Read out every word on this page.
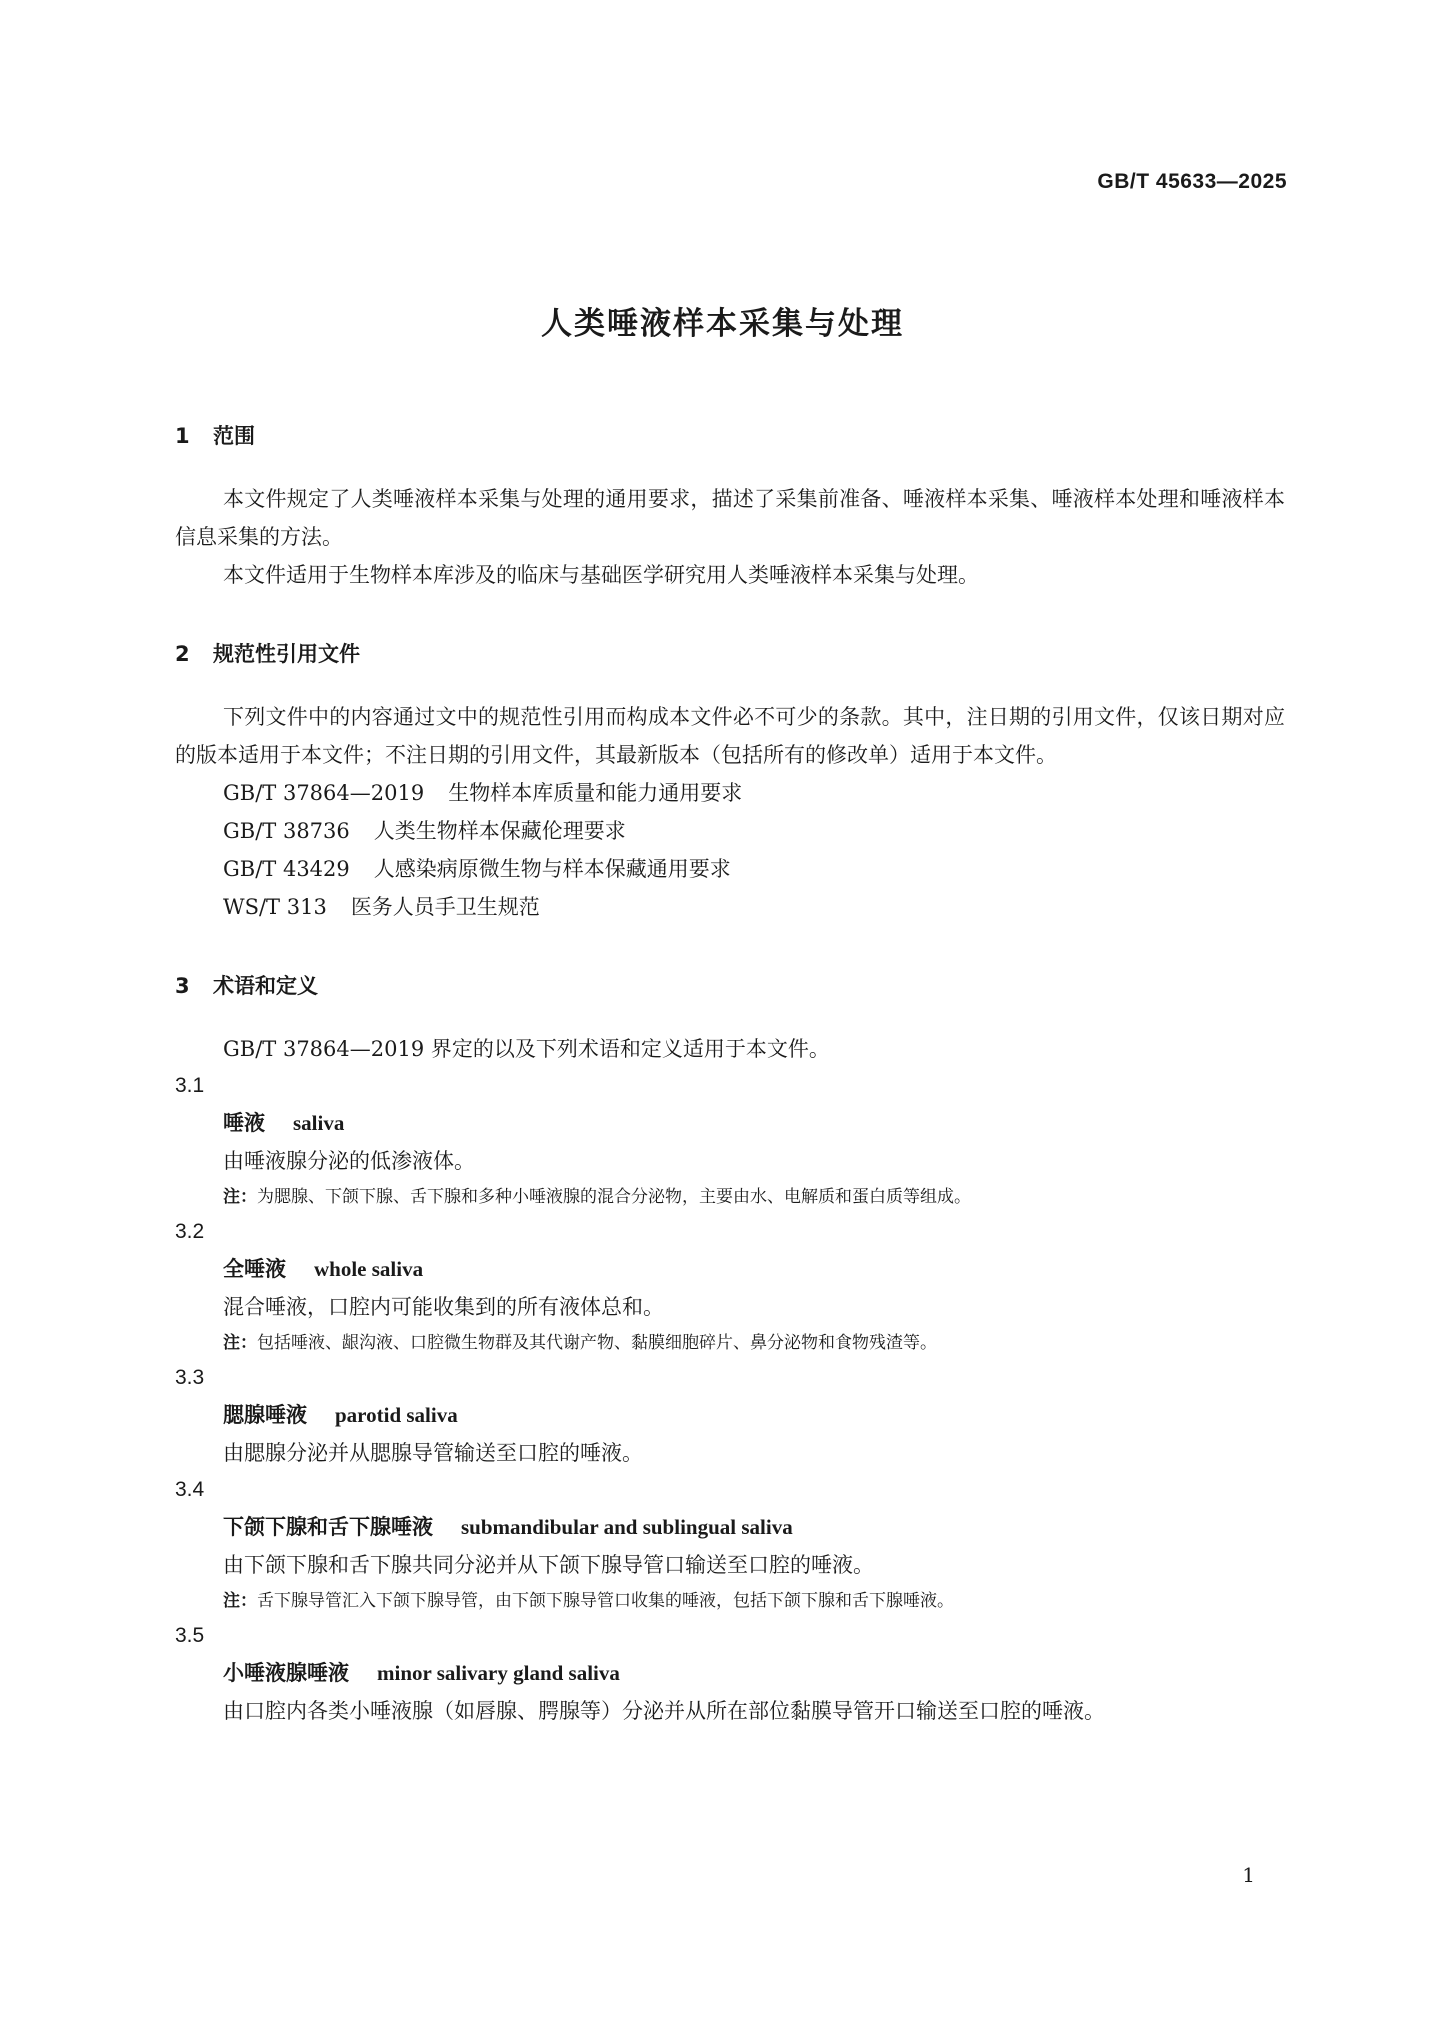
GB/T 45633—2025
人类唾液样本采集与处理
1 范围
本文件规定了人类唾液样本采集与处理的通用要求，描述了采集前准备、唾液样本采集、唾液样本处理和唾液样本信息采集的方法。
本文件适用于生物样本库涉及的临床与基础医学研究用人类唾液样本采集与处理。
2 规范性引用文件
下列文件中的内容通过文中的规范性引用而构成本文件必不可少的条款。其中，注日期的引用文件，仅该日期对应的版本适用于本文件；不注日期的引用文件，其最新版本（包括所有的修改单）适用于本文件。
GB/T 37864—2019 生物样本库质量和能力通用要求
GB/T 38736 人类生物样本保藏伦理要求
GB/T 43429 人感染病原微生物与样本保藏通用要求
WS/T 313 医务人员手卫生规范
3 术语和定义
GB/T 37864—2019 界定的以及下列术语和定义适用于本文件。
3.1
唾液 saliva
由唾液腺分泌的低渗液体。
注：为腮腺、下颌下腺、舌下腺和多种小唾液腺的混合分泌物，主要由水、电解质和蛋白质等组成。
3.2
全唾液 whole saliva
混合唾液，口腔内可能收集到的所有液体总和。
注：包括唾液、龈沟液、口腔微生物群及其代谢产物、黏膜细胞碎片、鼻分泌物和食物残渣等。
3.3
腮腺唾液 parotid saliva
由腮腺分泌并从腮腺导管输送至口腔的唾液。
3.4
下颌下腺和舌下腺唾液 submandibular and sublingual saliva
由下颌下腺和舌下腺共同分泌并从下颌下腺导管口输送至口腔的唾液。
注：舌下腺导管汇入下颌下腺导管，由下颌下腺导管口收集的唾液，包括下颌下腺和舌下腺唾液。
3.5
小唾液腺唾液 minor salivary gland saliva
由口腔内各类小唾液腺（如唇腺、腭腺等）分泌并从所在部位黏膜导管开口输送至口腔的唾液。
1
